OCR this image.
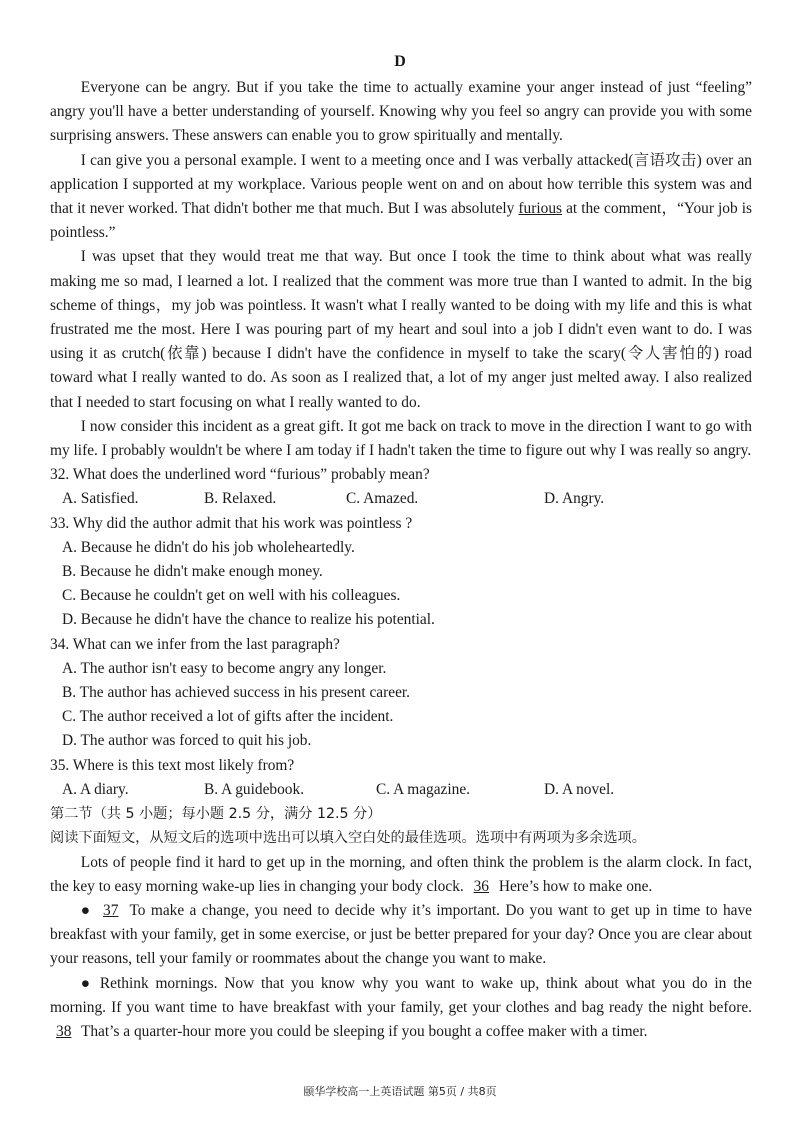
D

Everyone can be angry. But if you take the time to actually examine your anger instead of just “feeling” angry you'll have a better understanding of yourself. Knowing why you feel so angry can provide you with some surprising answers. These answers can enable you to grow spiritually and mentally.

I can give you a personal example. I went to a meeting once and I was verbally attacked(言语攻击) over an application I supported at my workplace. Various people went on and on about how terrible this system was and that it never worked. That didn't bother me that much. But I was absolutely furious at the comment，“Your job is pointless.”

I was upset that they would treat me that way. But once I took the time to think about what was really making me so mad, I learned a lot. I realized that the comment was more true than I wanted to admit. In the big scheme of things，my job was pointless. It wasn't what I really wanted to be doing with my life and this is what frustrated me the most. Here I was pouring part of my heart and soul into a job I didn't even want to do. I was using it as crutch(依靠) because I didn't have the confidence in myself to take the scary(令人害怕的) road toward what I really wanted to do. As soon as I realized that, a lot of my anger just melted away. I also realized that I needed to start focusing on what I really wanted to do.

I now consider this incident as a great gift. It got me back on track to move in the direction I want to go with my life. I probably wouldn't be where I am today if I hadn't taken the time to figure out why I was really so angry.

32. What does the underlined word “furious” probably mean?

A. Satisfied.	B. Relaxed.	C. Amazed.	D. Angry.

33. Why did the author admit that his work was pointless ?

A. Because he didn't do his job wholeheartedly.

B. Because he didn't make enough money.

C. Because he couldn't get on well with his colleagues.

D. Because he didn't have the chance to realize his potential.

34. What can we infer from the last paragraph?

A. The author isn't easy to become angry any longer.

B. The author has achieved success in his present career.

C. The author received a lot of gifts after the incident.

D. The author was forced to quit his job.

35. Where is this text most likely from?

A. A diary.	B. A guidebook.	C. A magazine.	D. A novel.

第二节（共 5 小题；每小题 2.5 分，满分 12.5 分）

阅读下面短文，从短文后的选项中选出可以填入空白处的最佳选项。选项中有两项为多余选项。

Lots of people find it hard to get up in the morning, and often think the problem is the alarm clock. In fact, the key to easy morning wake-up lies in changing your body clock. 36 Here’s how to make one.

● 37 To make a change, you need to decide why it’s important. Do you want to get up in time to have breakfast with your family, get in some exercise, or just be better prepared for your day? Once you are clear about your reasons, tell your family or roommates about the change you want to make.

● Rethink mornings. Now that you know why you want to wake up, think about what you do in the morning. If you want time to have breakfast with your family, get your clothes and bag ready the night before. 38 That’s a quarter-hour more you could be sleeping if you bought a coffee maker with a timer.

颐华学校高一上英语试题 第5页 / 共8页
